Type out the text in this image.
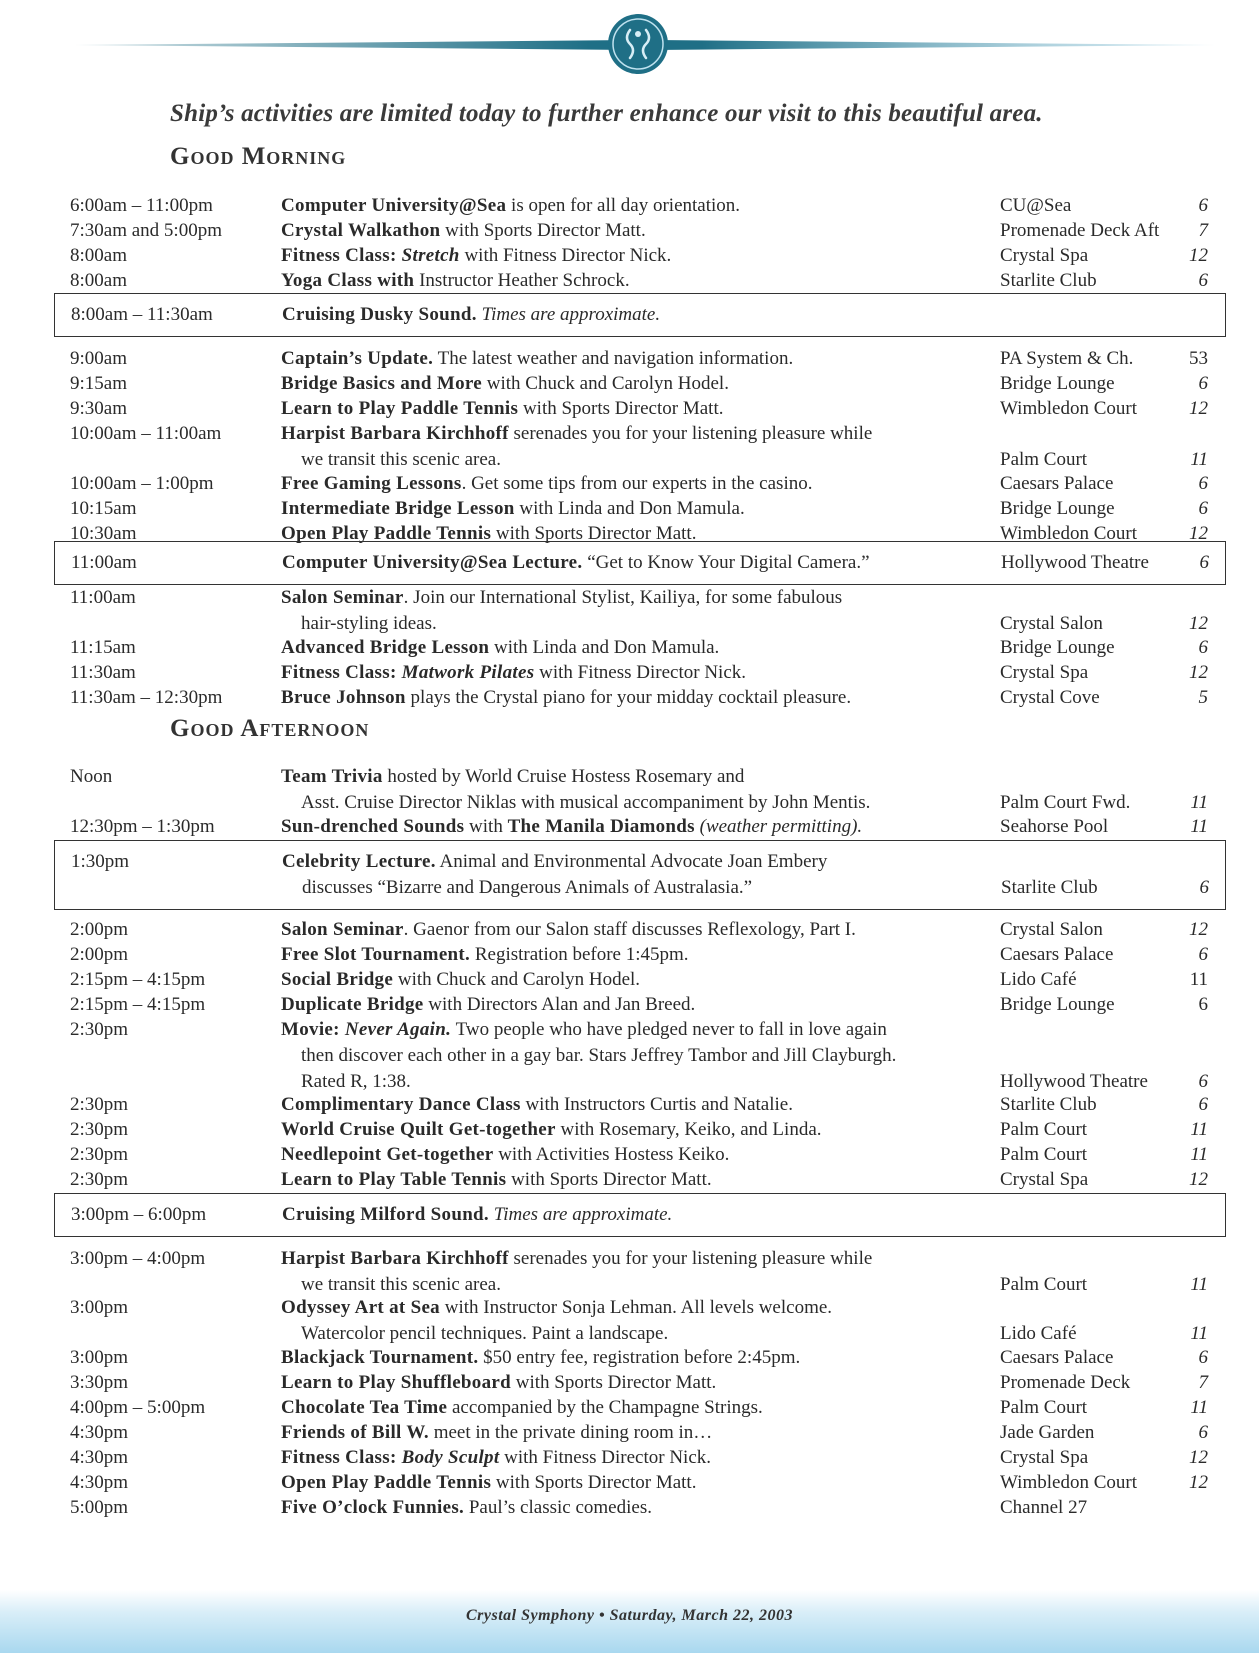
Ship’s activities are limited today to further enhance our visit to this beautiful area.
Good Morning
6:00am – 11:00pm	Computer University@Sea is open for all day orientation.	CU@Sea	6
7:30am and 5:00pm	Crystal Walkathon with Sports Director Matt.	Promenade Deck Aft	7
8:00am	Fitness Class: Stretch with Fitness Director Nick.	Crystal Spa	12
8:00am	Yoga Class with Instructor Heather Schrock.	Starlite Club	6
8:00am – 11:30am	Cruising Dusky Sound. Times are approximate.
9:00am	Captain’s Update. The latest weather and navigation information.	PA System & Ch.	53
9:15am	Bridge Basics and More with Chuck and Carolyn Hodel.	Bridge Lounge	6
9:30am	Learn to Play Paddle Tennis with Sports Director Matt.	Wimbledon Court	12
10:00am – 11:00am	Harpist Barbara Kirchhoff serenades you for your listening pleasure while
we transit this scenic area.	Palm Court	11
10:00am – 1:00pm	Free Gaming Lessons. Get some tips from our experts in the casino.	Caesars Palace	6
10:15am	Intermediate Bridge Lesson with Linda and Don Mamula.	Bridge Lounge	6
10:30am	Open Play Paddle Tennis with Sports Director Matt.	Wimbledon Court	12
11:00am	Computer University@Sea Lecture. “Get to Know Your Digital Camera.”	Hollywood Theatre	6
11:00am	Salon Seminar. Join our International Stylist, Kailiya, for some fabulous
hair-styling ideas.	Crystal Salon	12
11:15am	Advanced Bridge Lesson with Linda and Don Mamula.	Bridge Lounge	6
11:30am	Fitness Class: Matwork Pilates with Fitness Director Nick.	Crystal Spa	12
11:30am – 12:30pm	Bruce Johnson plays the Crystal piano for your midday cocktail pleasure.	Crystal Cove	5
Good Afternoon
Noon	Team Trivia hosted by World Cruise Hostess Rosemary and
Asst. Cruise Director Niklas with musical accompaniment by John Mentis.	Palm Court Fwd.	11
12:30pm – 1:30pm	Sun-drenched Sounds with The Manila Diamonds (weather permitting).	Seahorse Pool	11
1:30pm	Celebrity Lecture. Animal and Environmental Advocate Joan Embery
discusses “Bizarre and Dangerous Animals of Australasia.”	Starlite Club	6
2:00pm	Salon Seminar. Gaenor from our Salon staff discusses Reflexology, Part I.	Crystal Salon	12
2:00pm	Free Slot Tournament. Registration before 1:45pm.	Caesars Palace	6
2:15pm – 4:15pm	Social Bridge with Chuck and Carolyn Hodel.	Lido Café	11
2:15pm – 4:15pm	Duplicate Bridge with Directors Alan and Jan Breed.	Bridge Lounge	6
2:30pm	Movie: Never Again. Two people who have pledged never to fall in love again
then discover each other in a gay bar. Stars Jeffrey Tambor and Jill Clayburgh.
Rated R, 1:38.	Hollywood Theatre	6
2:30pm	Complimentary Dance Class with Instructors Curtis and Natalie.	Starlite Club	6
2:30pm	World Cruise Quilt Get-together with Rosemary, Keiko, and Linda.	Palm Court	11
2:30pm	Needlepoint Get-together with Activities Hostess Keiko.	Palm Court	11
2:30pm	Learn to Play Table Tennis with Sports Director Matt.	Crystal Spa	12
3:00pm – 6:00pm	Cruising Milford Sound. Times are approximate.
3:00pm – 4:00pm	Harpist Barbara Kirchhoff serenades you for your listening pleasure while
we transit this scenic area.	Palm Court	11
3:00pm	Odyssey Art at Sea with Instructor Sonja Lehman. All levels welcome.
Watercolor pencil techniques. Paint a landscape.	Lido Café	11
3:00pm	Blackjack Tournament. $50 entry fee, registration before 2:45pm.	Caesars Palace	6
3:30pm	Learn to Play Shuffleboard with Sports Director Matt.	Promenade Deck	7
4:00pm – 5:00pm	Chocolate Tea Time accompanied by the Champagne Strings.	Palm Court	11
4:30pm	Friends of Bill W. meet in the private dining room in…	Jade Garden	6
4:30pm	Fitness Class: Body Sculpt with Fitness Director Nick.	Crystal Spa	12
4:30pm	Open Play Paddle Tennis with Sports Director Matt.	Wimbledon Court	12
5:00pm	Five O’clock Funnies. Paul’s classic comedies.	Channel 27
Crystal Symphony • Saturday, March 22, 2003
